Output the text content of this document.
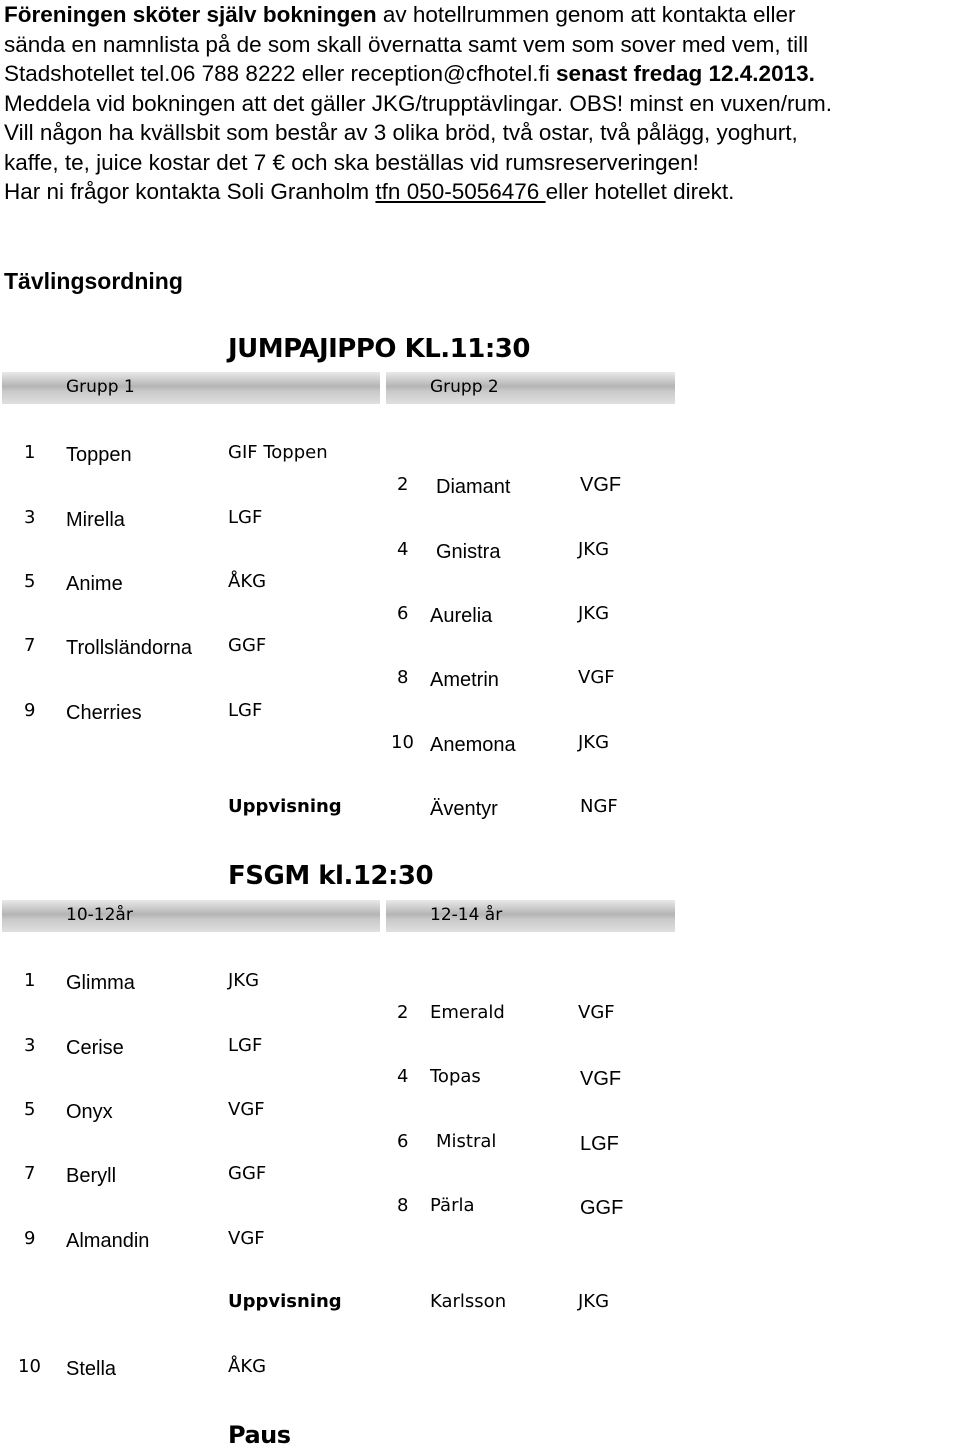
Föreningen sköter själv bokningen av hotellrummen genom att kontakta eller

sända en namnlista på de som skall övernatta samt vem som sover med vem, till

Stadshotellet tel.06 788 8222 eller reception@cfhotel.fi senast fredag 12.4.2013.

Meddela vid bokningen att det gäller JKG/trupptävlingar. OBS! minst en vuxen/rum.

Vill någon ha kvällsbit som består av 3 olika bröd, två ostar, två pålägg, yoghurt,

kaffe, te, juice kostar det 7 € och ska beställas vid rumsreserveringen!

Har ni frågor kontakta Soli Granholm tfn 050-5056476 eller hotellet direkt.

Tävlingsordning
JUMPAJIPPO KL.11:30
Grupp 1	Grupp 2
1 Toppen	GIF Toppen
3 Mirella	LGF
5 Anime	ÅKG
7 Trollsländorna GGF
9 Cherries	LGF
2 Diamant	VGF
4 Gnistra	JKG
6 Aurelia	JKG
8 Ametrin	VGF
10 Anemona	JKG
Uppvisning	Äventyr	NGF
FSGM kl.12:30
10-12år	12-14 år
1 Glimma	JKG
3 Cerise	LGF
5 Onyx	VGF
7 Beryll	GGF
9 Almandin	VGF
2 Emerald	VGF
4 Topas	VGF
6 Mistral	LGF
8 Pärla	GGF
Uppvisning	Karlsson	JKG
10 Stella	ÅKG
Paus
